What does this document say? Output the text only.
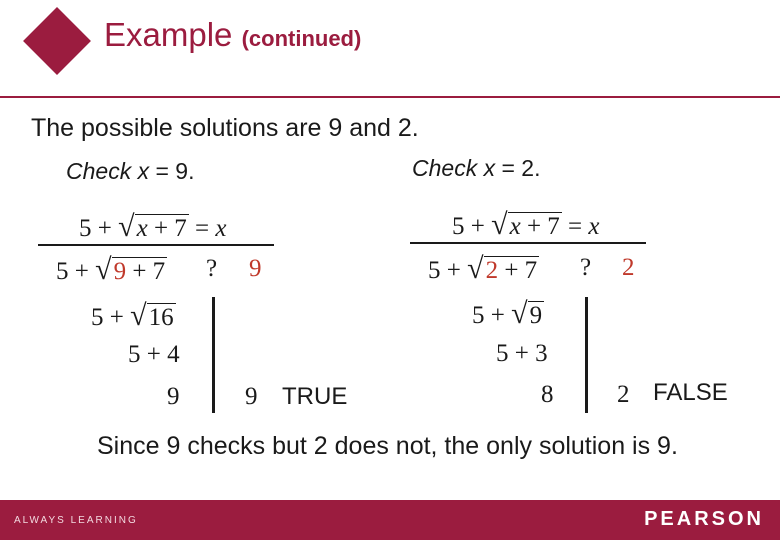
Example (continued)
The possible solutions are 9 and 2.
Check x = 9.
5 + √x + 7 = x
5 + √9 + 7 ? 9
5 + √16
5 + 4
9	9 TRUE
Check x = 2.
5 + √x + 7 = x
5 + √2 + 7 ? 2
5 + √9
5 + 3
8	2 FALSE
Since 9 checks but 2 does not, the only solution is 9.
ALWAYS LEARNING	PEARSON
